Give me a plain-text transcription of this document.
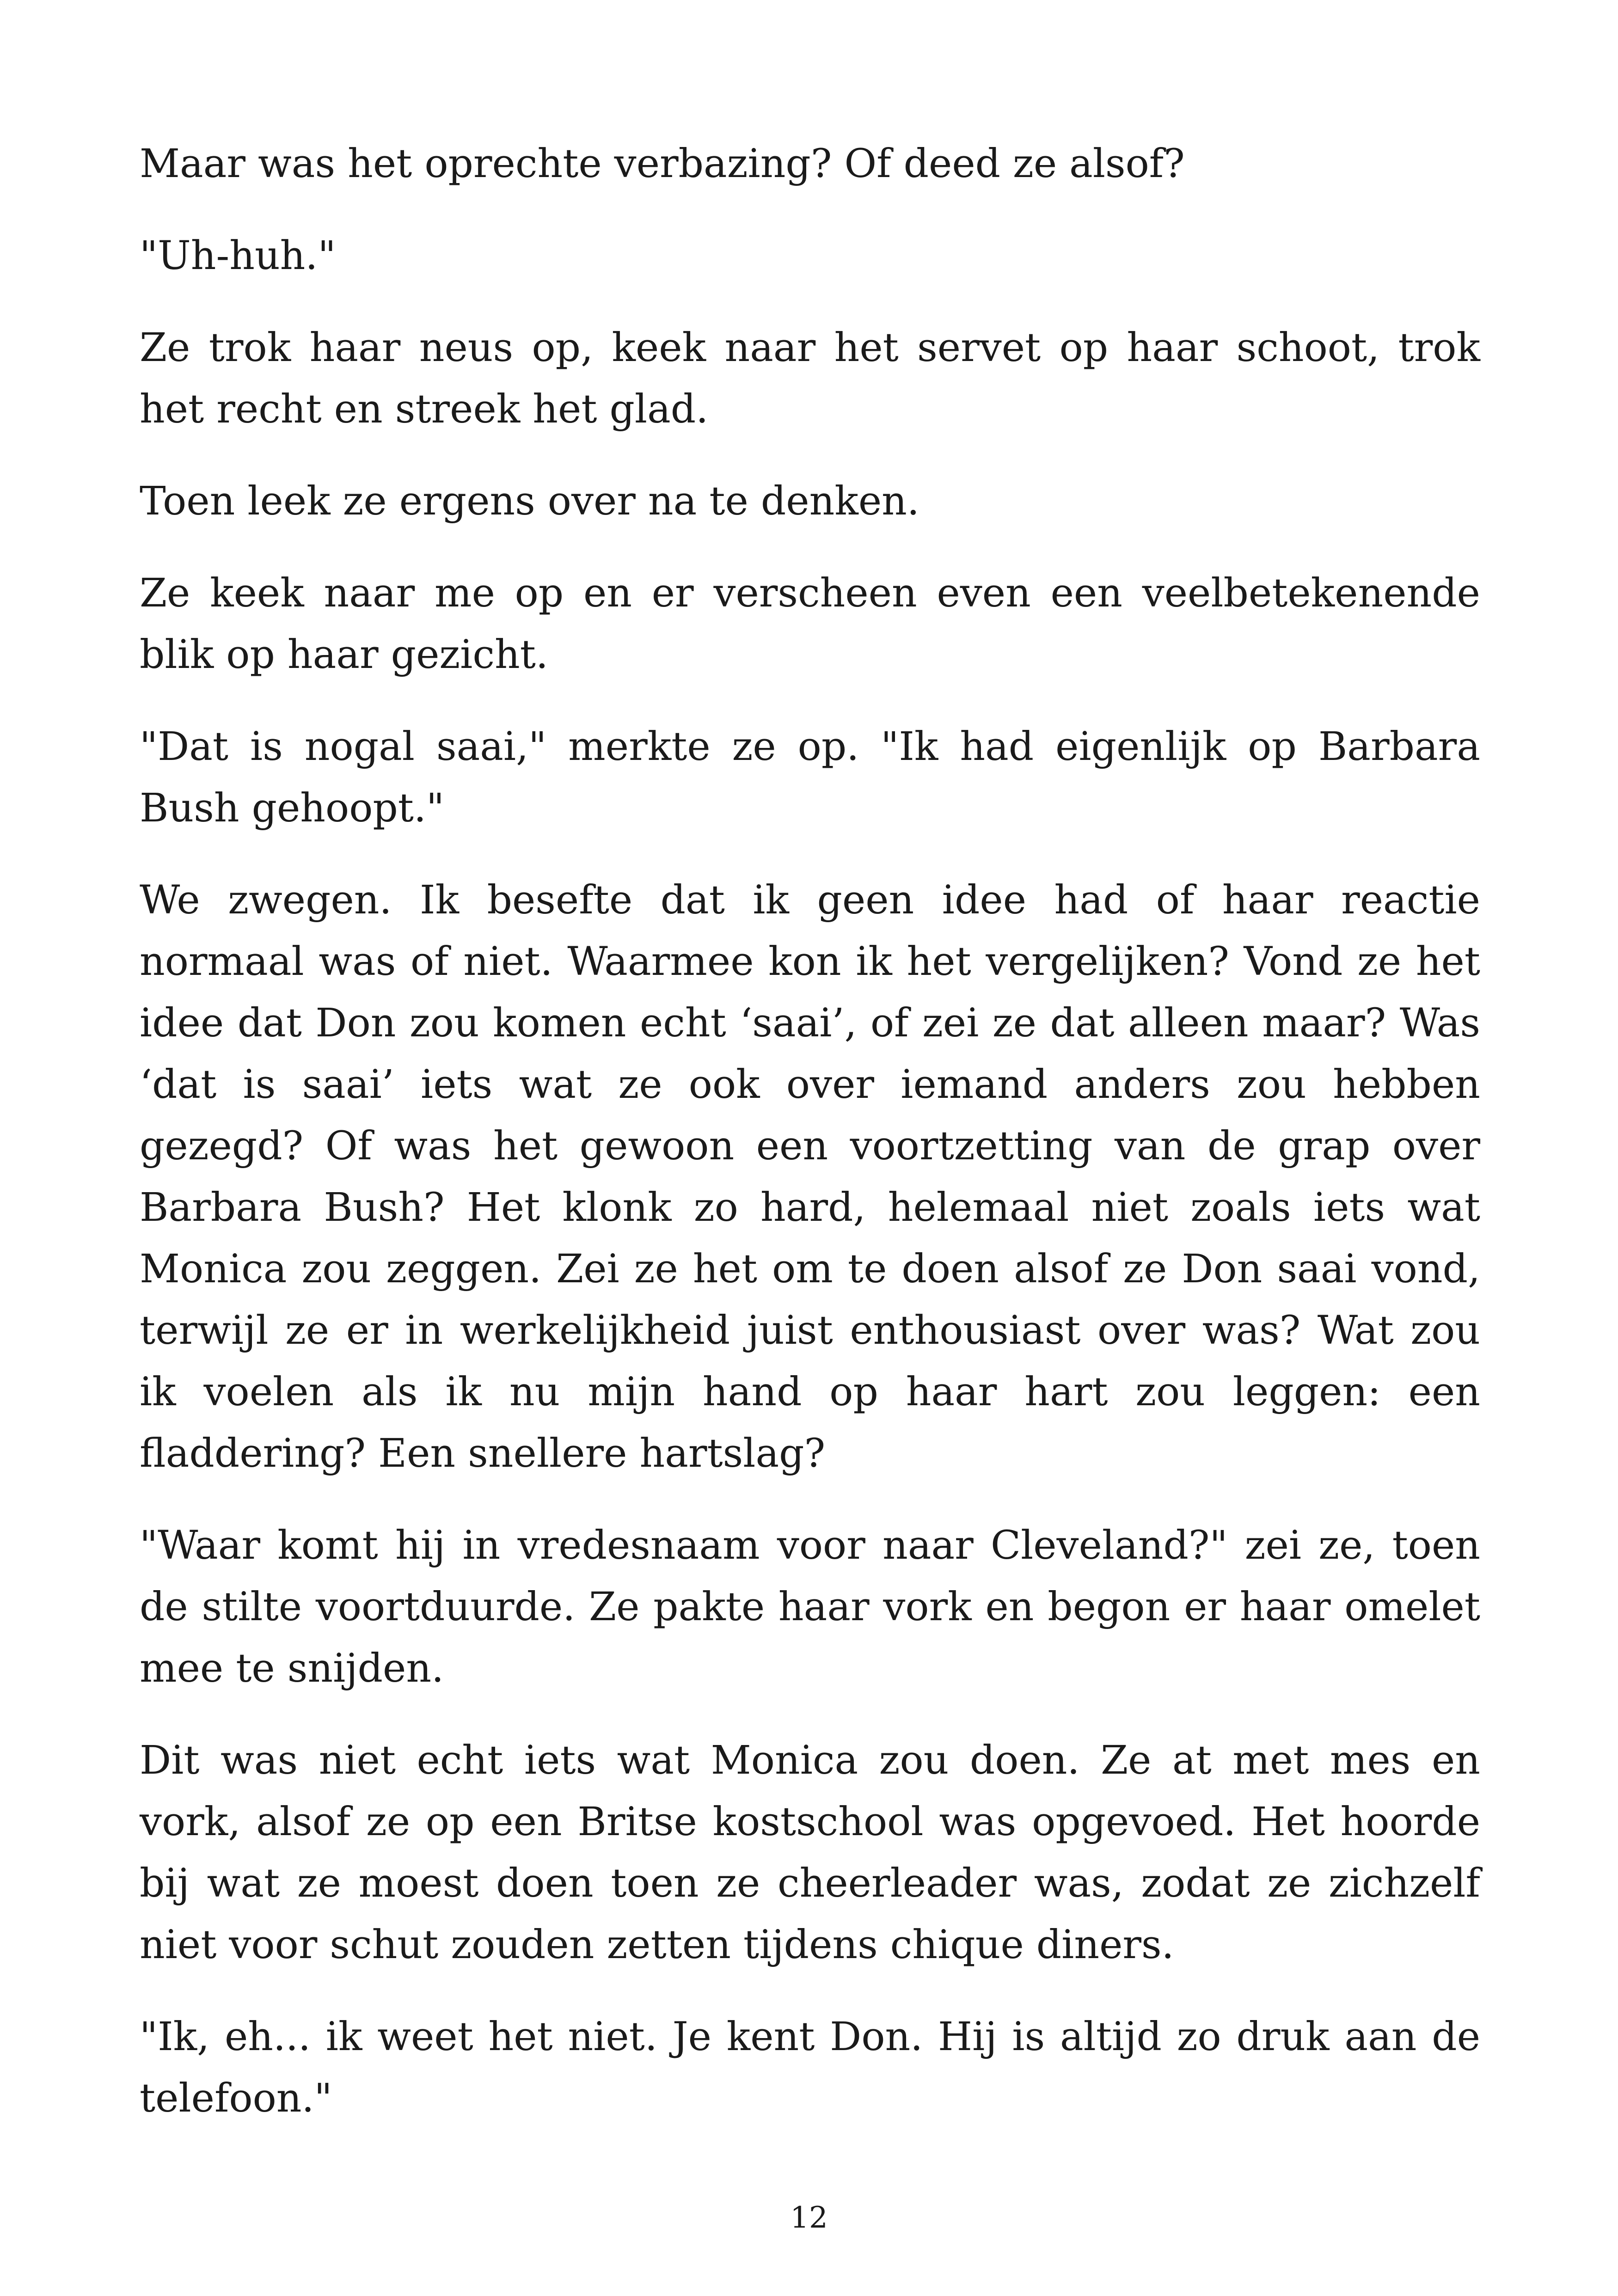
Maar was het oprechte verbazing? Of deed ze alsof?

"Uh-huh."

Ze trok haar neus op, keek naar het servet op haar schoot, trok het recht en streek het glad.

Toen leek ze ergens over na te denken.

Ze keek naar me op en er verscheen even een veelbetekenende blik op haar gezicht.

"Dat is nogal saai," merkte ze op. "Ik had eigenlijk op Barbara Bush gehoopt."

We zwegen. Ik besefte dat ik geen idee had of haar reactie normaal was of niet. Waarmee kon ik het vergelijken? Vond ze het idee dat Don zou komen echt ‘saai’, of zei ze dat alleen maar? Was ‘dat is saai’ iets wat ze ook over iemand anders zou hebben gezegd? Of was het gewoon een voortzetting van de grap over Barbara Bush? Het klonk zo hard, helemaal niet zoals iets wat Monica zou zeggen. Zei ze het om te doen alsof ze Don saai vond, terwijl ze er in werkelijkheid juist enthousiast over was? Wat zou ik voelen als ik nu mijn hand op haar hart zou leggen: een fladdering? Een snellere hartslag?

"Waar komt hij in vredesnaam voor naar Cleveland?" zei ze, toen de stilte voortduurde. Ze pakte haar vork en begon er haar omelet mee te snijden.

Dit was niet echt iets wat Monica zou doen. Ze at met mes en vork, alsof ze op een Britse kostschool was opgevoed. Het hoorde bij wat ze moest doen toen ze cheerleader was, zodat ze zichzelf niet voor schut zouden zetten tijdens chique diners.

"Ik, eh... ik weet het niet. Je kent Don. Hij is altijd zo druk aan de telefoon."

12
